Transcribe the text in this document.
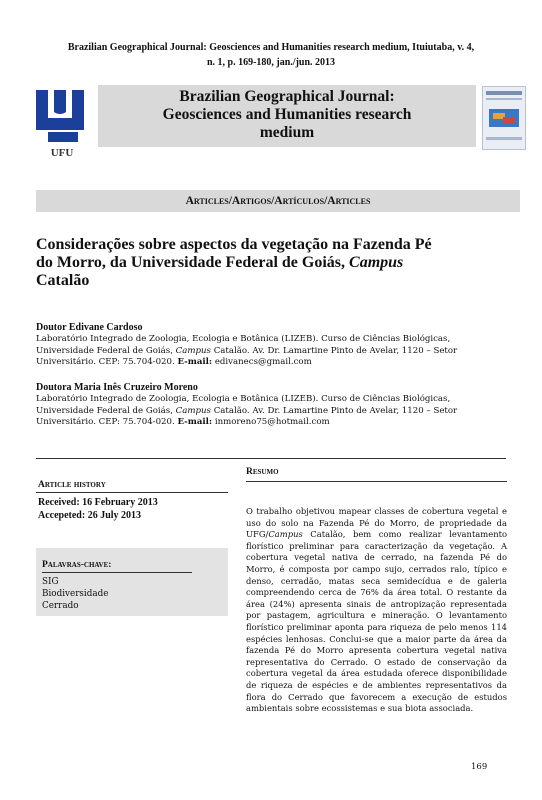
Brazilian Geographical Journal: Geosciences and Humanities research medium, Ituiutaba, v. 4,
n. 1, p. 169-180, jan./jun. 2013
UFU
Brazilian Geographical Journal:
Geosciences and Humanities research
medium
Articles/Artigos/Artículos/Articles
Considerações sobre aspectos da vegetação na Fazenda Pé
do Morro, da Universidade Federal de Goiás, Campus
Catalão
Doutor Edivane Cardoso
Laboratório Integrado de Zoologia, Ecologia e Botânica (LIZEB). Curso de Ciências Biológicas,
Universidade Federal de Goiás, Campus Catalão. Av. Dr. Lamartine Pinto de Avelar, 1120 – Setor
Universitário. CEP: 75.704-020. E-mail: edivanecs@gmail.com
Doutora Maria Inês Cruzeiro Moreno
Laboratório Integrado de Zoologia, Ecologia e Botânica (LIZEB). Curso de Ciências Biológicas,
Universidade Federal de Goiás, Campus Catalão. Av. Dr. Lamartine Pinto de Avelar, 1120 – Setor
Universitário. CEP: 75.704-020. E-mail: inmoreno75@hotmail.com
Article history
Received: 16 February 2013
Accepeted: 26 July 2013
Palavras-chave:
SIG
Biodiversidade
Cerrado
Resumo
O trabalho objetivou mapear classes de cobertura vegetal e uso do solo na Fazenda Pé do Morro, de propriedade da UFG/Campus Catalão, bem como realizar levantamento florístico preliminar para caracterização da vegetação. A cobertura vegetal nativa de cerrado, na fazenda Pé do Morro, é composta por campo sujo, cerrados ralo, típico e denso, cerradão, matas seca semidecídua e de galeria compreendendo cerca de 76% da área total. O restante da área (24%) apresenta sinais de antropização representada por pastagem, agricultura e mineração. O levantamento florístico preliminar aponta para riqueza de pelo menos 114 espécies lenhosas. Conclui-se que a maior parte da área da fazenda Pé do Morro apresenta cobertura vegetal nativa representativa do Cerrado. O estado de conservação da cobertura vegetal da área estudada oferece disponibilidade de riqueza de espécies e de ambientes representativos da flora do Cerrado que favorecem a execução de estudos ambientais sobre ecossistemas e sua biota associada.
169
